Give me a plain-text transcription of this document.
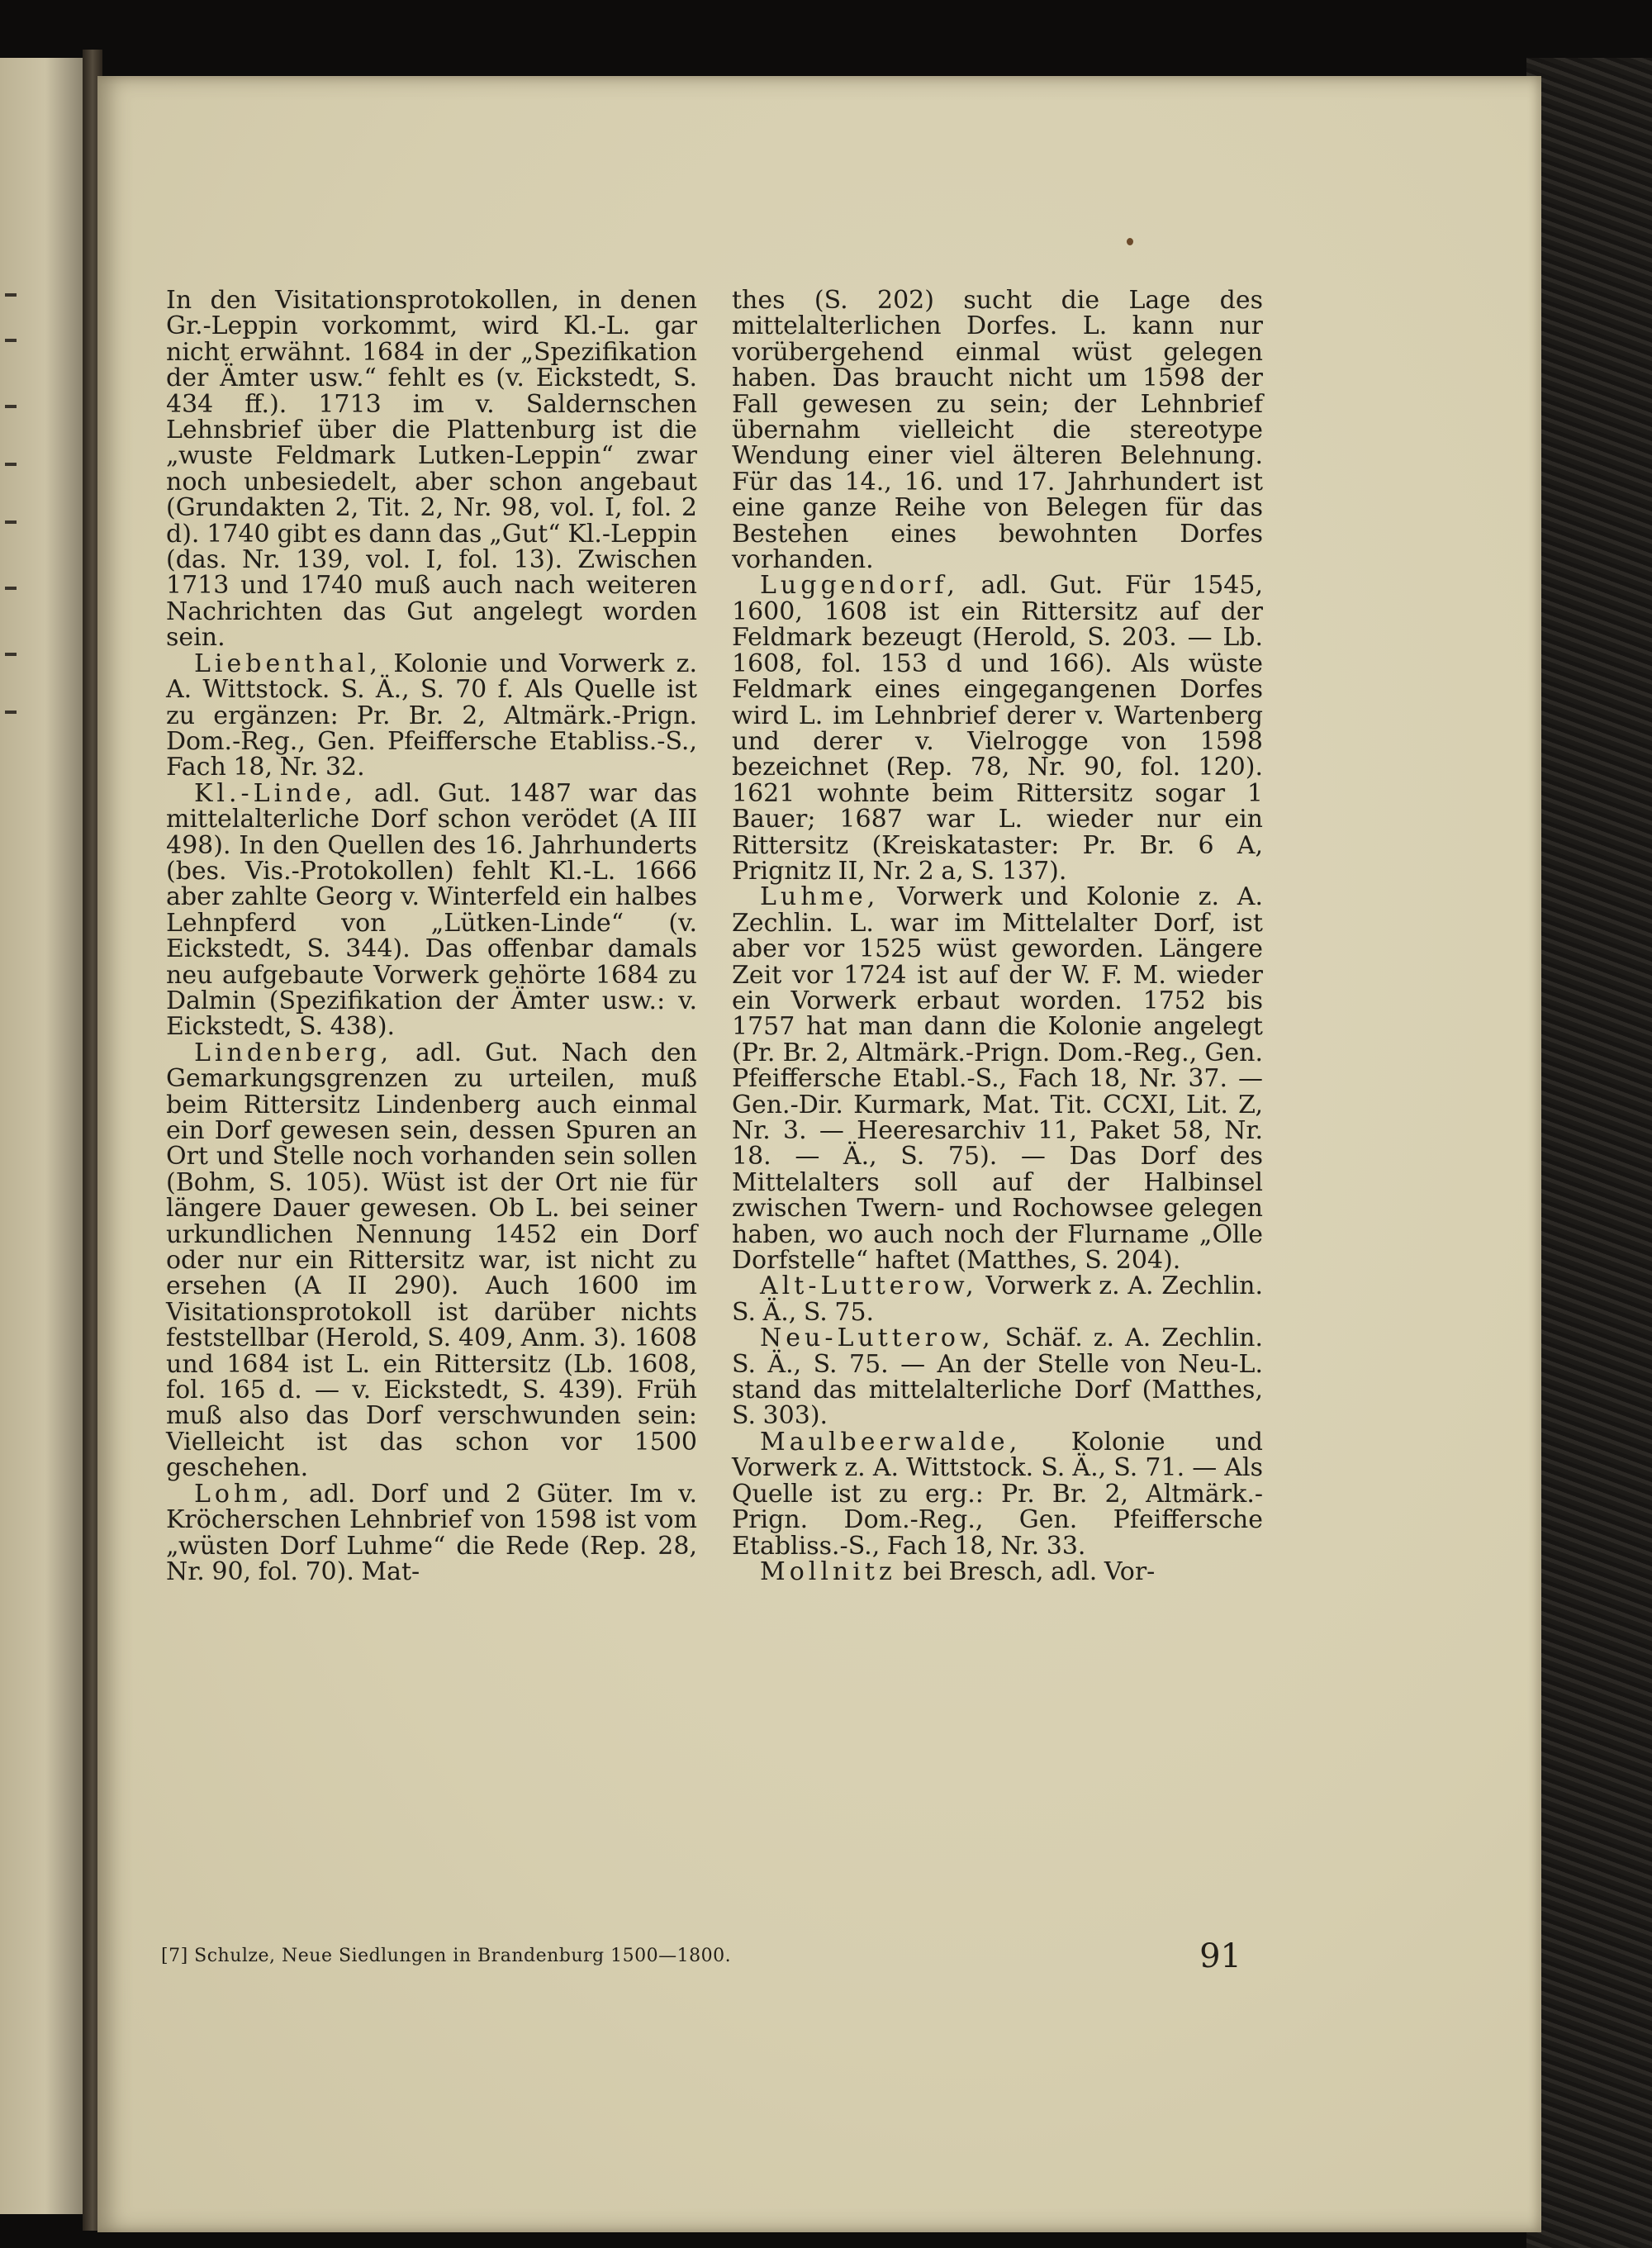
In den Visitationsprotokollen, in denen Gr.-Leppin vorkommt, wird Kl.-L. gar nicht erwähnt. 1684 in der „Spezifikation der Ämter usw.“ fehlt es (v. Eickstedt, S. 434 ff.). 1713 im v. Saldernschen Lehnsbrief über die Plattenburg ist die „wuste Feldmark Lutken-Leppin“ zwar noch unbesiedelt, aber schon angebaut (Grundakten 2, Tit. 2, Nr. 98, vol. I, fol. 2 d). 1740 gibt es dann das „Gut“ Kl.-Leppin (das. Nr. 139, vol. I, fol. 13). Zwischen 1713 und 1740 muß auch nach weiteren Nachrichten das Gut angelegt worden sein.

Liebenthal, Kolonie und Vorwerk z. A. Wittstock. S. Ä., S. 70 f. Als Quelle ist zu ergänzen: Pr. Br. 2, Altmärk.-Prign. Dom.-Reg., Gen. Pfeiffersche Etabliss.-S., Fach 18, Nr. 32.

Kl.-Linde, adl. Gut. 1487 war das mittelalterliche Dorf schon verödet (A III 498). In den Quellen des 16. Jahrhunderts (bes. Vis.-Protokollen) fehlt Kl.-L. 1666 aber zahlte Georg v. Winterfeld ein halbes Lehnpferd von „Lütken-Linde“ (v. Eickstedt, S. 344). Das offenbar damals neu aufgebaute Vorwerk gehörte 1684 zu Dalmin (Spezifikation der Ämter usw.: v. Eickstedt, S. 438).

Lindenberg, adl. Gut. Nach den Gemarkungsgrenzen zu urteilen, muß beim Rittersitz Lindenberg auch einmal ein Dorf gewesen sein, dessen Spuren an Ort und Stelle noch vorhanden sein sollen (Bohm, S. 105). Wüst ist der Ort nie für längere Dauer gewesen. Ob L. bei seiner urkundlichen Nennung 1452 ein Dorf oder nur ein Rittersitz war, ist nicht zu ersehen (A II 290). Auch 1600 im Visitationsprotokoll ist darüber nichts feststellbar (Herold, S. 409, Anm. 3). 1608 und 1684 ist L. ein Rittersitz (Lb. 1608, fol. 165 d. — v. Eickstedt, S. 439). Früh muß also das Dorf verschwunden sein: Vielleicht ist das schon vor 1500 geschehen.

Lohm, adl. Dorf und 2 Güter. Im v. Kröcherschen Lehnbrief von 1598 ist vom „wüsten Dorf Luhme“ die Rede (Rep. 28, Nr. 90, fol. 70). Mat-

thes (S. 202) sucht die Lage des mittelalterlichen Dorfes. L. kann nur vorübergehend einmal wüst gelegen haben. Das braucht nicht um 1598 der Fall gewesen zu sein; der Lehnbrief übernahm vielleicht die stereotype Wendung einer viel älteren Belehnung. Für das 14., 16. und 17. Jahrhundert ist eine ganze Reihe von Belegen für das Bestehen eines bewohnten Dorfes vorhanden.

Luggendorf, adl. Gut. Für 1545, 1600, 1608 ist ein Rittersitz auf der Feldmark bezeugt (Herold, S. 203. — Lb. 1608, fol. 153 d und 166). Als wüste Feldmark eines eingegangenen Dorfes wird L. im Lehnbrief derer v. Wartenberg und derer v. Vielrogge von 1598 bezeichnet (Rep. 78, Nr. 90, fol. 120). 1621 wohnte beim Rittersitz sogar 1 Bauer; 1687 war L. wieder nur ein Rittersitz (Kreiskataster: Pr. Br. 6 A, Prignitz II, Nr. 2 a, S. 137).

Luhme, Vorwerk und Kolonie z. A. Zechlin. L. war im Mittelalter Dorf, ist aber vor 1525 wüst geworden. Längere Zeit vor 1724 ist auf der W. F. M. wieder ein Vorwerk erbaut worden. 1752 bis 1757 hat man dann die Kolonie angelegt (Pr. Br. 2, Altmärk.-Prign. Dom.-Reg., Gen. Pfeiffersche Etabl.-S., Fach 18, Nr. 37. — Gen.-Dir. Kurmark, Mat. Tit. CCXI, Lit. Z, Nr. 3. — Heeresarchiv 11, Paket 58, Nr. 18. — Ä., S. 75). — Das Dorf des Mittelalters soll auf der Halbinsel zwischen Twern- und Rochowsee gelegen haben, wo auch noch der Flurname „Olle Dorfstelle“ haftet (Matthes, S. 204).

Alt-Lutterow, Vorwerk z. A. Zechlin. S. Ä., S. 75.

Neu-Lutterow, Schäf. z. A. Zechlin. S. Ä., S. 75. — An der Stelle von Neu-L. stand das mittelalterliche Dorf (Matthes, S. 303).

Maulbeerwalde, Kolonie und Vorwerk z. A. Wittstock. S. Ä., S. 71. — Als Quelle ist zu erg.: Pr. Br. 2, Altmärk.-Prign. Dom.-Reg., Gen. Pfeiffersche Etabliss.-S., Fach 18, Nr. 33.

Mollnitz bei Bresch, adl. Vor-

[7] Schulze, Neue Siedlungen in Brandenburg 1500—1800.	91
